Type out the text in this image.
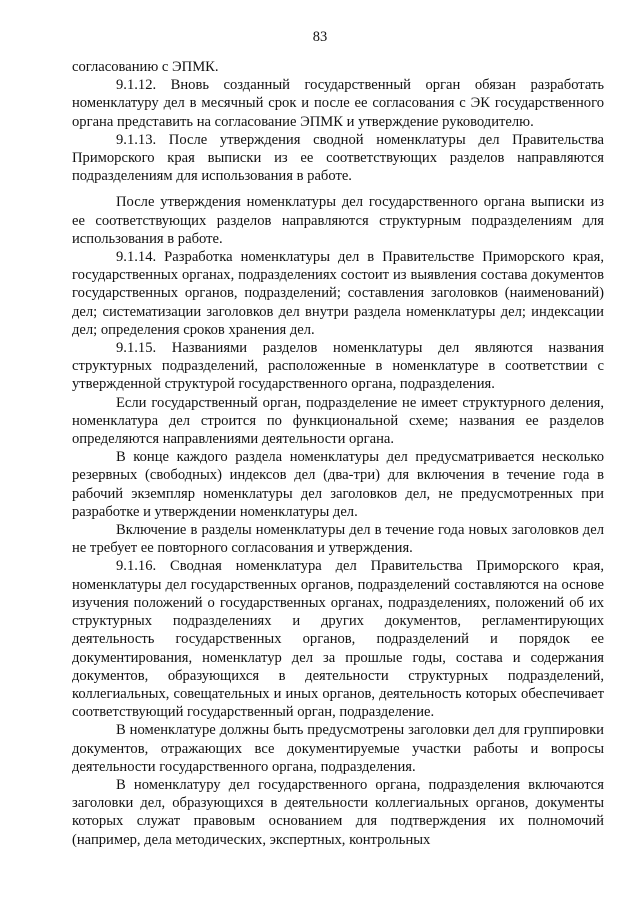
83

согласованию с ЭПМК.

9.1.12. Вновь созданный государственный орган обязан разработать номенклатуру дел в месячный срок и после ее согласования с ЭК государственного органа представить на согласование ЭПМК и утверждение руководителю.

9.1.13. После утверждения сводной номенклатуры дел Правительства Приморского края выписки из ее соответствующих разделов направляются подразделениям для использования в работе.

После утверждения номенклатуры дел государственного органа выписки из ее соответствующих разделов направляются структурным подразделениям для использования в работе.

9.1.14. Разработка номенклатуры дел в Правительстве Приморского края, государственных органах, подразделениях состоит из выявления состава документов государственных органов, подразделений; составления заголовков (наименований) дел; систематизации заголовков дел внутри раздела номенклатуры дел; индексации дел; определения сроков хранения дел.

9.1.15. Названиями разделов номенклатуры дел являются названия структурных подразделений, расположенные в номенклатуре в соответствии с утвержденной структурой государственного органа, подразделения.

Если государственный орган, подразделение не имеет структурного деления, номенклатура дел строится по функциональной схеме; названия ее разделов определяются направлениями деятельности органа.

В конце каждого раздела номенклатуры дел предусматривается несколько резервных (свободных) индексов дел (два-три) для включения в течение года в рабочий экземпляр номенклатуры дел заголовков дел, не предусмотренных при разработке и утверждении номенклатуры дел.

Включение в разделы номенклатуры дел в течение года новых заголовков дел не требует ее повторного согласования и утверждения.

9.1.16. Сводная номенклатура дел Правительства Приморского края, номенклатуры дел государственных органов, подразделений составляются на основе изучения положений о государственных органах, подразделениях, положений об их структурных подразделениях и других документов, регламентирующих деятельность государственных органов, подразделений и порядок ее документирования, номенклатур дел за прошлые годы, состава и содержания документов, образующихся в деятельности структурных подразделений, коллегиальных, совещательных и иных органов, деятельность которых обеспечивает соответствующий государственный орган, подразделение.

В номенклатуре должны быть предусмотрены заголовки дел для группировки документов, отражающих все документируемые участки работы и вопросы деятельности государственного органа, подразделения.

В номенклатуру дел государственного органа, подразделения включаются заголовки дел, образующихся в деятельности коллегиальных органов, документы которых служат правовым основанием для подтверждения их полномочий (например, дела методических, экспертных, контрольных
